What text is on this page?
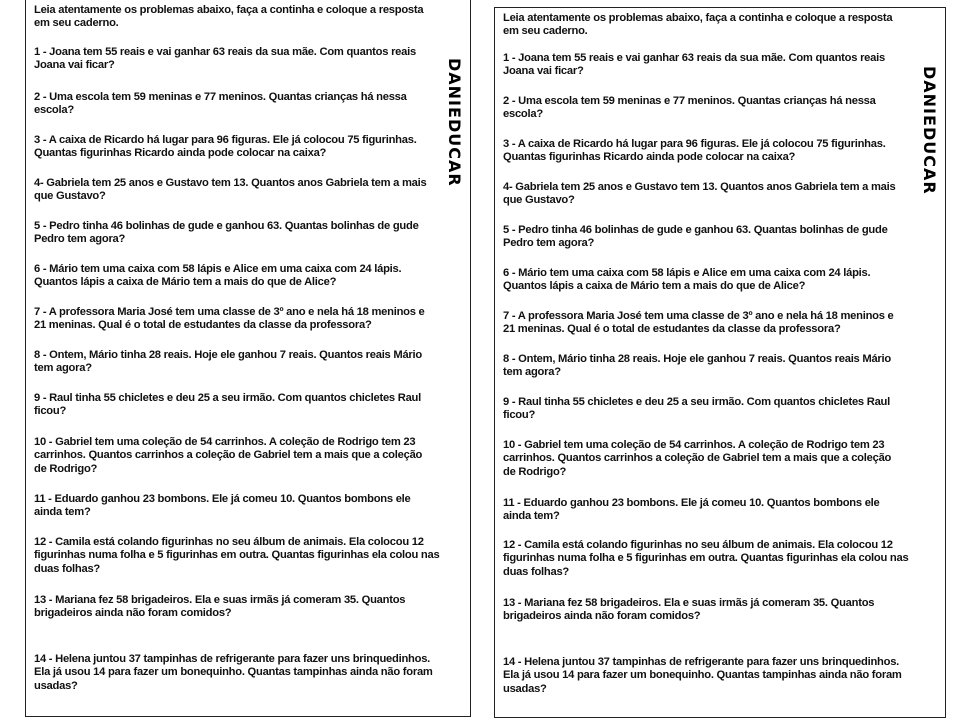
Leia atentamente os problemas abaixo, faça a continha e coloque a resposta
em seu caderno.

DANIEDUCAR

1 - Joana tem 55 reais e vai ganhar 63 reais da sua mãe. Com quantos reais
Joana vai ficar?

2 - Uma escola tem 59 meninas e 77 meninos. Quantas crianças há nessa
escola?

3 - A caixa de Ricardo há lugar para 96 figuras. Ele já colocou 75 figurinhas.
Quantas figurinhas Ricardo ainda pode colocar na caixa?

4- Gabriela tem 25 anos e Gustavo tem 13. Quantos anos Gabriela tem a mais
que Gustavo?

5 - Pedro tinha 46 bolinhas de gude e ganhou 63. Quantas bolinhas de gude
Pedro tem agora?

6 - Mário tem uma caixa com 58 lápis e Alice em uma caixa com 24 lápis.
Quantos lápis a caixa de Mário tem a mais do que de Alice?

7 - A professora Maria José tem uma classe de 3º ano e nela há 18 meninos e
21 meninas. Qual é o total de estudantes da classe da professora?

8 - Ontem, Mário tinha 28 reais. Hoje ele ganhou 7 reais. Quantos reais Mário
tem agora?

9 - Raul tinha 55 chicletes e deu 25 a seu irmão. Com quantos chicletes Raul
ficou?

10 - Gabriel tem uma coleção de 54 carrinhos. A coleção de Rodrigo tem 23
carrinhos. Quantos carrinhos a coleção de Gabriel tem a mais que a coleção
de Rodrigo?

11 - Eduardo ganhou 23 bombons. Ele já comeu 10. Quantos bombons ele
ainda tem?

12 - Camila está colando figurinhas no seu álbum de animais. Ela colocou 12
figurinhas numa folha e 5 figurinhas em outra. Quantas figurinhas ela colou nas
duas folhas?

13 - Mariana fez 58 brigadeiros. Ela e suas irmãs já comeram 35. Quantos
brigadeiros ainda não foram comidos?

14 - Helena juntou 37 tampinhas de refrigerante para fazer uns brinquedinhos.
Ela já usou 14 para fazer um bonequinho. Quantas tampinhas ainda não foram
usadas?

Leia atentamente os problemas abaixo, faça a continha e coloque a resposta
em seu caderno.

DANIEDUCAR

1 - Joana tem 55 reais e vai ganhar 63 reais da sua mãe. Com quantos reais
Joana vai ficar?

2 - Uma escola tem 59 meninas e 77 meninos. Quantas crianças há nessa
escola?

3 - A caixa de Ricardo há lugar para 96 figuras. Ele já colocou 75 figurinhas.
Quantas figurinhas Ricardo ainda pode colocar na caixa?

4- Gabriela tem 25 anos e Gustavo tem 13. Quantos anos Gabriela tem a mais
que Gustavo?

5 - Pedro tinha 46 bolinhas de gude e ganhou 63. Quantas bolinhas de gude
Pedro tem agora?

6 - Mário tem uma caixa com 58 lápis e Alice em uma caixa com 24 lápis.
Quantos lápis a caixa de Mário tem a mais do que de Alice?

7 - A professora Maria José tem uma classe de 3º ano e nela há 18 meninos e
21 meninas. Qual é o total de estudantes da classe da professora?

8 - Ontem, Mário tinha 28 reais. Hoje ele ganhou 7 reais. Quantos reais Mário
tem agora?

9 - Raul tinha 55 chicletes e deu 25 a seu irmão. Com quantos chicletes Raul
ficou?

10 - Gabriel tem uma coleção de 54 carrinhos. A coleção de Rodrigo tem 23
carrinhos. Quantos carrinhos a coleção de Gabriel tem a mais que a coleção
de Rodrigo?

11 - Eduardo ganhou 23 bombons. Ele já comeu 10. Quantos bombons ele
ainda tem?

12 - Camila está colando figurinhas no seu álbum de animais. Ela colocou 12
figurinhas numa folha e 5 figurinhas em outra. Quantas figurinhas ela colou nas
duas folhas?

13 - Mariana fez 58 brigadeiros. Ela e suas irmãs já comeram 35. Quantos
brigadeiros ainda não foram comidos?

14 - Helena juntou 37 tampinhas de refrigerante para fazer uns brinquedinhos.
Ela já usou 14 para fazer um bonequinho. Quantas tampinhas ainda não foram
usadas?
